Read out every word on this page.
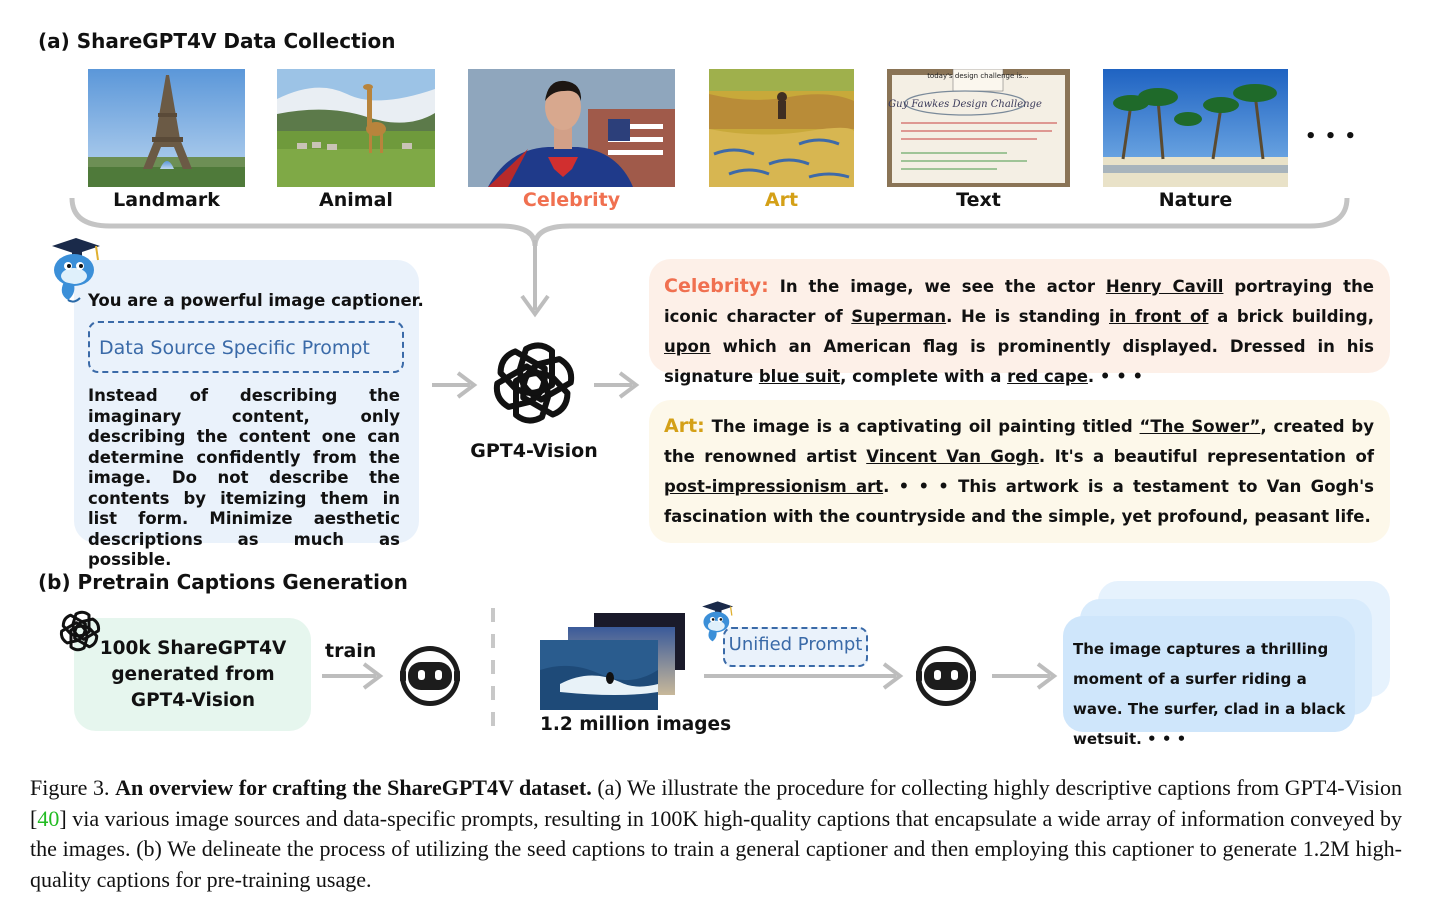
(a) ShareGPT4V Data Collection
today's design challenge is...
Guy Fawkes Design Challenge
• • •
Landmark	Animal	Celebrity	Art	Text	Nature
You are a powerful image captioner.
Data Source Specific Prompt
Instead of describing the imaginary content, only describing the content one can determine confidently from the image. Do not describe the contents by itemizing them in list form. Minimize aesthetic descriptions as much as possible.
GPT4-Vision
Celebrity: In the image, we see the actor Henry Cavill portraying the iconic character of Superman. He is standing in front of a brick building, upon which an American flag is prominently displayed. Dressed in his signature blue suit, complete with a red cape. • • •
Art: The image is a captivating oil painting titled “The Sower”, created by the renowned artist Vincent Van Gogh. It's a beautiful representation of post-impressionism art. • • • This artwork is a testament to Van Gogh's fascination with the countryside and the simple, yet profound, peasant life.
(b) Pretrain Captions Generation
100k ShareGPT4V generated from GPT4-Vision
train
1.2 million images
Unified Prompt	The image captures a thrilling moment of a surfer riding a wave. The surfer, clad in a black wetsuit. • • •
Figure 3. An overview for crafting the ShareGPT4V dataset. (a) We illustrate the procedure for collecting highly descriptive captions from GPT4-Vision [40] via various image sources and data-specific prompts, resulting in 100K high-quality captions that encapsulate a wide array of information conveyed by the images. (b) We delineate the process of utilizing the seed captions to train a general captioner and then employing this captioner to generate 1.2M high-quality captions for pre-training usage.
